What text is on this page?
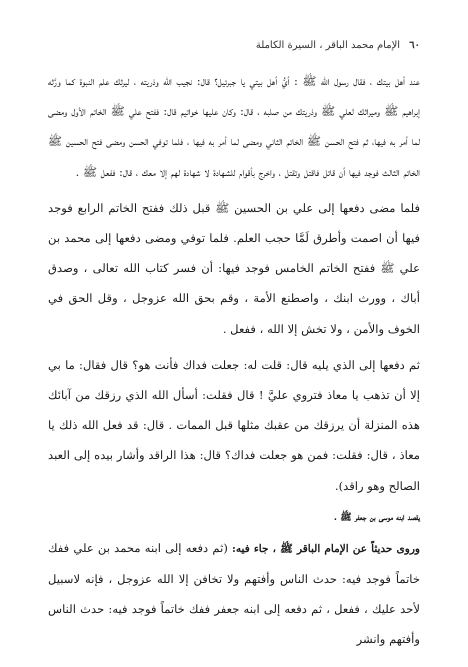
٦٠ الإمام محمد الباقر ، السيرة الكاملة

عند أهل بيتك ، فقال رسول الله ﷺ : أيُّ أهل بيتي يا جبرئيل؟ قال: نجيب الله وذريته ، ليرثك علم النبوة كما ورَّثه إبراهيم ﷺ وميراثك لعلي ﷺ وذريتك من صلبه ، قال: وكان عليها خواتيم قال: ففتح علي ﷺ الخاتم الأول ومضى لما أمر به فيها، ثم فتح الحسن ﷺ الخاتم الثاني ومضى لما أمر به فيها ، فلما توفي الحسن ومضى فتح الحسين ﷺ الخاتم الثالث فوجد فيها أن قاتل فاقتل وتقتل ، واخرج بأقوام للشهادة لا شهادة لهم إلا معك ، قال: ففعل ﷺ .

فلما مضى دفعها إلى علي بن الحسين ﷺ قبل ذلك ففتح الخاتم الرابع فوجد فيها أن اصمت وأطرق لَمَّا حجب العلم. فلما توفي ومضى دفعها إلى محمد بن علي ﷺ ففتح الخاتم الخامس فوجد فيها: أن فسر كتاب الله تعالى ، وصدق أباك ، وورث ابنك ، واصطنع الأمة ، وقم بحق الله عزوجل ، وقل الحق في الخوف والأمن ، ولا تخش إلا الله ، ففعل .

ثم دفعها إلى الذي يليه قال: قلت له: جعلت فداك فأنت هو؟ قال فقال: ما بي إلا أن تذهب يا معاذ فتروي عليَّ ! قال فقلت: أسأل الله الذي رزقك من آبائك هذه المنزلة أن يرزقك من عقبك مثلها قبل الممات . قال: قد فعل الله ذلك يا معاذ ، قال: فقلت: فمن هو جعلت فداك؟ قال: هذا الراقد وأشار بيده إلى العبد الصالح وهو راقد).

يقصد ابنه موسى بن جعفر ﷺ .

وروى حديثاً عن الإمام الباقر ﷺ ، جاء فيه: (ثم دفعه إلى ابنه محمد بن علي ففك خاتماً فوجد فيه: حدث الناس وأفتهم ولا تخافن إلا الله عزوجل ، فإنه لاسبيل لأحد عليك ، ففعل ، ثم دفعه إلى ابنه جعفر ففك خاتماً فوجد فيه: حدث الناس وأفتهم وانشر
